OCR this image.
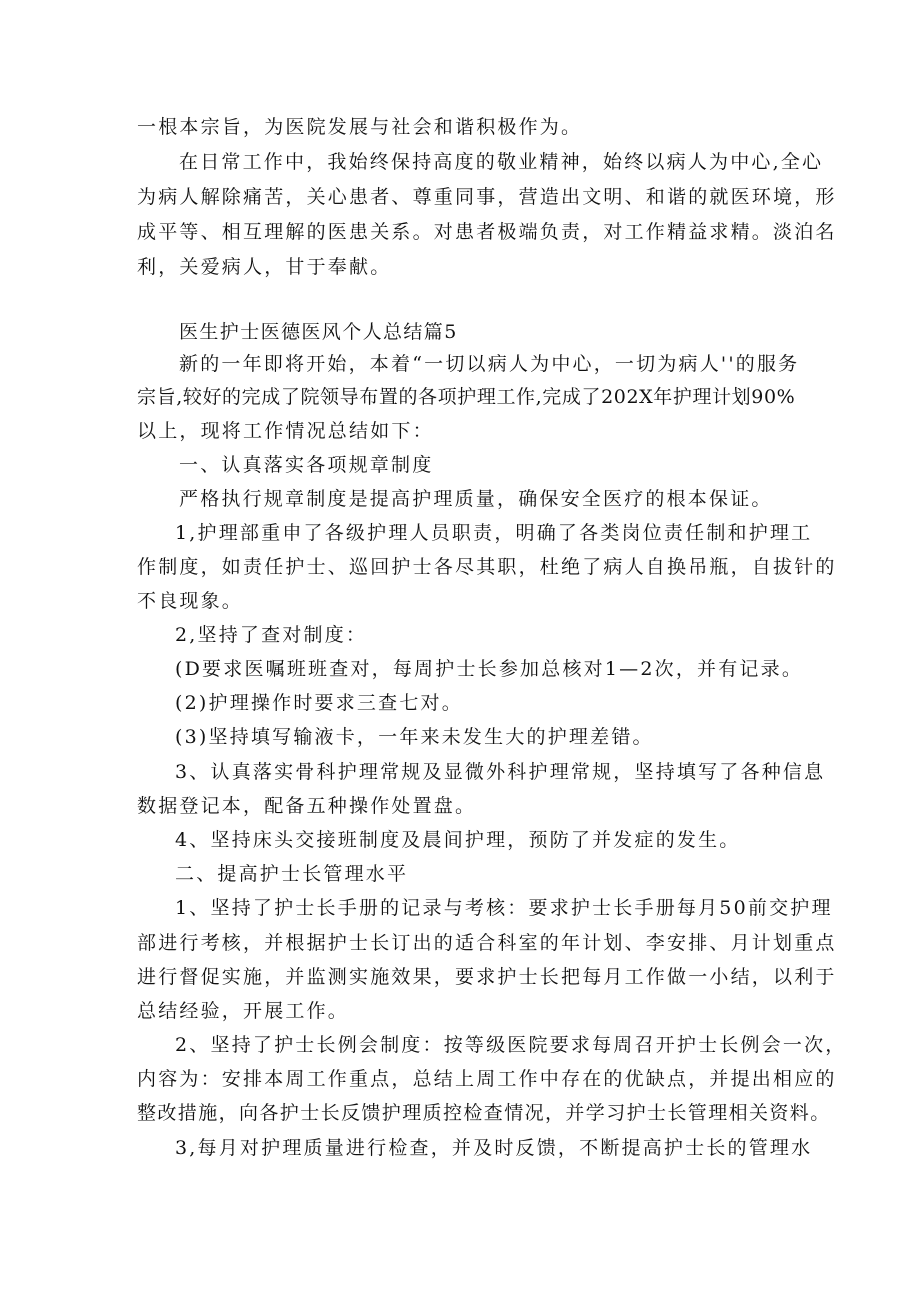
一根本宗旨，为医院发展与社会和谐积极作为。
在日常工作中，我始终保持高度的敬业精神，始终以病人为中心,全心
为病人解除痛苦，关心患者、尊重同事，营造出文明、和谐的就医环境，形
成平等、相互理解的医患关系。对患者极端负责，对工作精益求精。淡泊名
利，关爱病人，甘于奉献。
医生护士医德医风个人总结篇5
新的一年即将开始，本着“一切以病人为中心，一切为病人''的服务
宗旨,较好的完成了院领导布置的各项护理工作,完成了202X年护理计划90%
以上，现将工作情况总结如下：
一、认真落实各项规章制度
严格执行规章制度是提高护理质量，确保安全医疗的根本保证。
1,护理部重申了各级护理人员职责，明确了各类岗位责任制和护理工
作制度，如责任护士、巡回护士各尽其职，杜绝了病人自换吊瓶，自拔针的
不良现象。
2,坚持了查对制度：
(D要求医嘱班班查对，每周护士长参加总核对1—2次，并有记录。
(2)护理操作时要求三查七对。
(3)坚持填写输液卡，一年来未发生大的护理差错。
3、认真落实骨科护理常规及显微外科护理常规，坚持填写了各种信息
数据登记本，配备五种操作处置盘。
4、坚持床头交接班制度及晨间护理，预防了并发症的发生。
二、提高护士长管理水平
1、坚持了护士长手册的记录与考核：要求护士长手册每月50前交护理
部进行考核，并根据护士长订出的适合科室的年计划、李安排、月计划重点
进行督促实施，并监测实施效果，要求护士长把每月工作做一小结，以利于
总结经验，开展工作。
2、坚持了护士长例会制度：按等级医院要求每周召开护士长例会一次，
内容为：安排本周工作重点，总结上周工作中存在的优缺点，并提出相应的
整改措施，向各护士长反馈护理质控检查情况，并学习护士长管理相关资料。
3,每月对护理质量进行检查，并及时反馈，不断提高护士长的管理水
